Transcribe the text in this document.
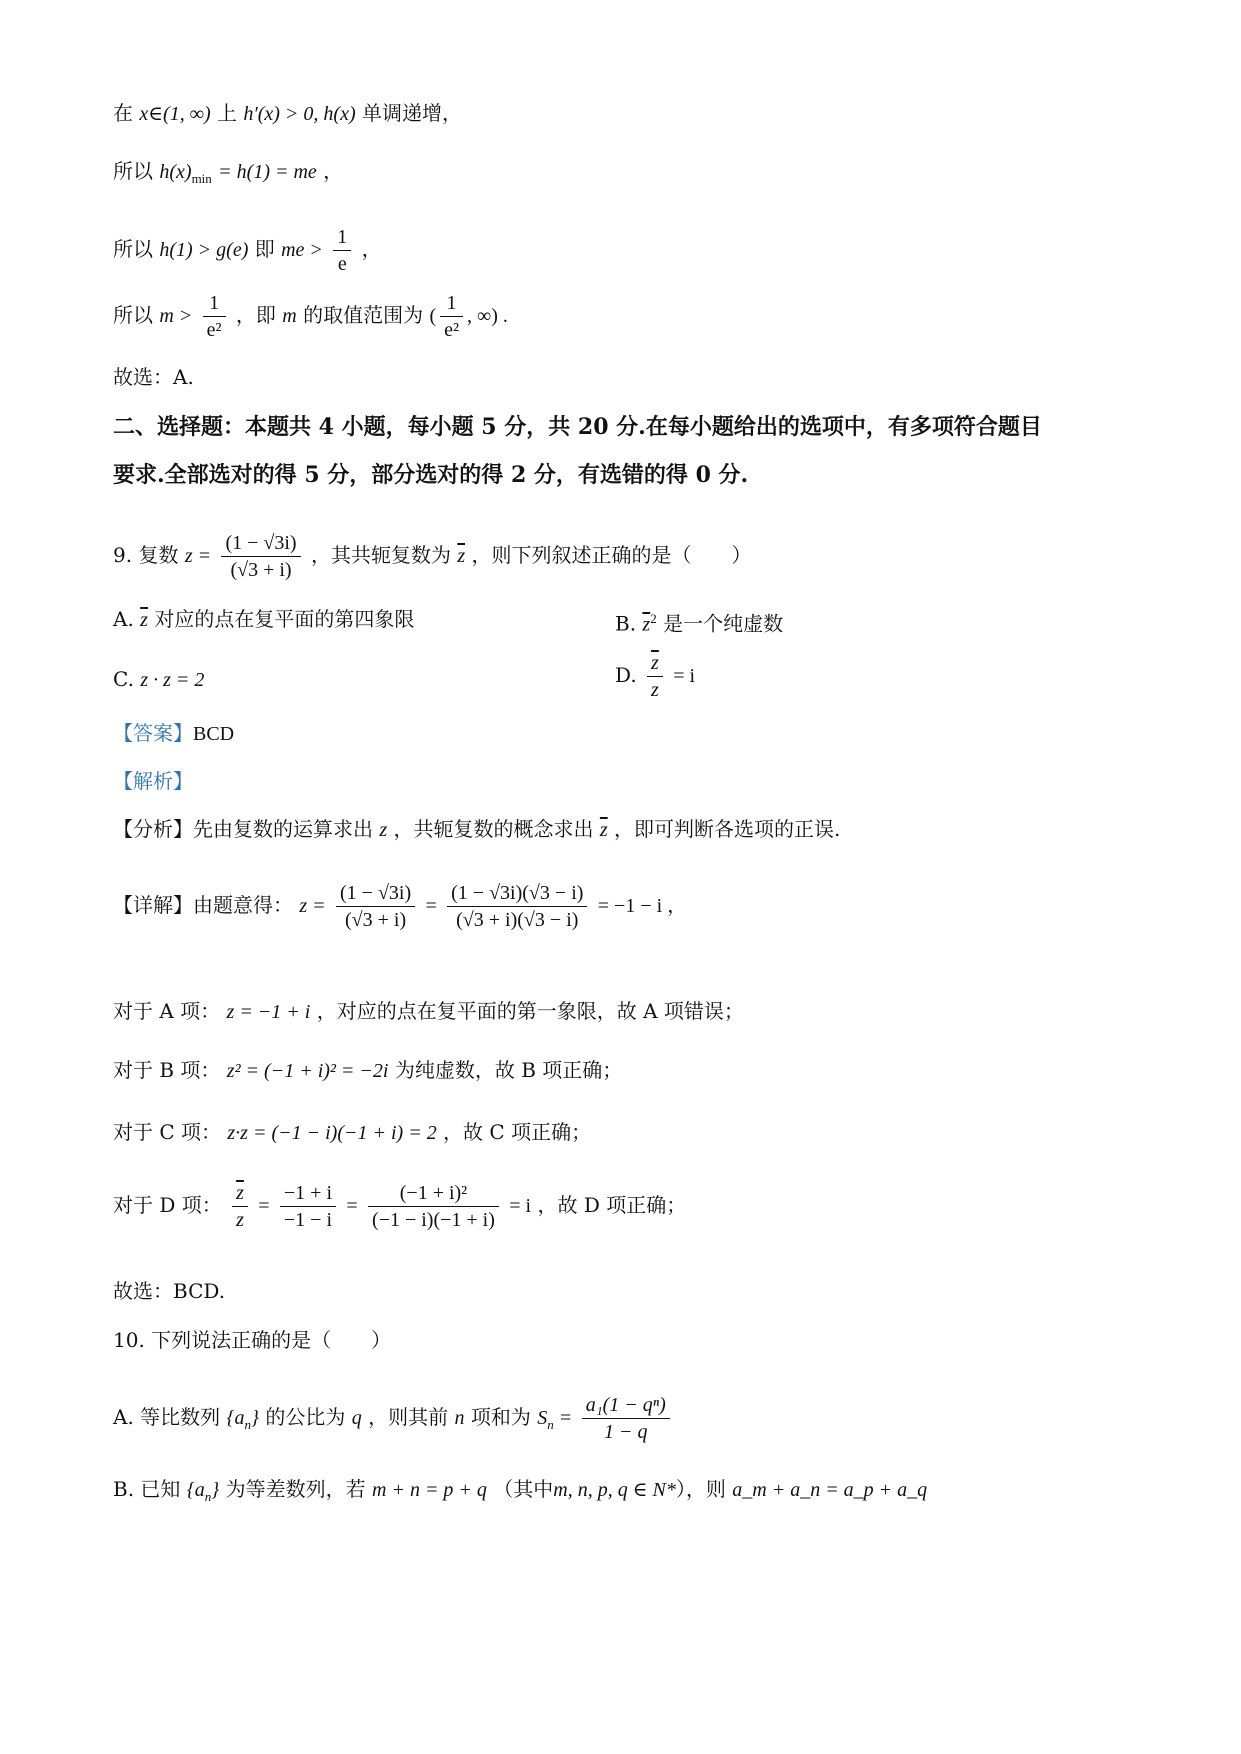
在 x∈(1, ∞) 上 h′(x) > 0, h(x) 单调递增，
所以 $h(x)_{min} = h(1)$ = me ，
所以 h(1) > g(e) 即 me > $\frac{1}{e}$ ，
所以 $m > \frac{1}{\text{e²}}$ ，即 m 的取值范围为 ( $\frac{1}{\text{e²}}$ , ∞) .
故选：A.
二、选择题：本题共 4 小题，每小题 5 分，共 20 分.在每小题给出的选项中，有多项符合题目
要求.全部选对的得 5 分，部分选对的得 2 分，有选错的得 0 分.
9. 复数 $z = \frac{(1 - √3i)}{(√3 + i)}$ ，其共轭复数为 $\overline{z}$ ，则下列叙述正确的是（　　）
A. $\overline{z}$ 对应的点在复平面的第四象限	B. $\overline{z}^2$ 是一个纯虚数
C. z · z = 2	D. $\frac{\overline{z}}{z} = i$
【答案】BCD
【解析】
【分析】先由复数的运算求出 z ，共轭复数的概念求出 $\overline{z}$ ，即可判断各选项的正误.
【详解】由题意得： $z = \frac{(1 - √3i)}{(√3 + i)} = \frac{(1 - √3i)(√3 - i)}{(√3 + i)(√3 - i)} = -1 - i$ ，
对于 A 项： z = −1 + i ，对应的点在复平面的第一象限，故 A 项错误；
对于 B 项： z² = (−1 + i)² = −2i 为纯虚数，故 B 项正确；
对于 C 项： z·z = (−1 − i)(−1 + i) = 2 ，故 C 项正确；
对于 D 项： $\frac{\overline{z}}{z} = \frac{-1 + i}{-1 - i} = \frac{\text{(−1 + i)²}}{(-1 - i)(-1 + i)} = i$ ，故 D 项正确；
故选：BCD.
10. 下列说法正确的是（　　）
A. 等比数列 $\{a_n\}$ 的公比为 q ，则其前 n 项和为 $S_n = \frac{\text{a₁(1 − qⁿ)}}{1 - q}$
B. 已知 $\{a_n\}$ 为等差数列，若 m + n = p + q （其中m, n, p, q ∈ N*），则 a_m + a_n = a_p + a_q
